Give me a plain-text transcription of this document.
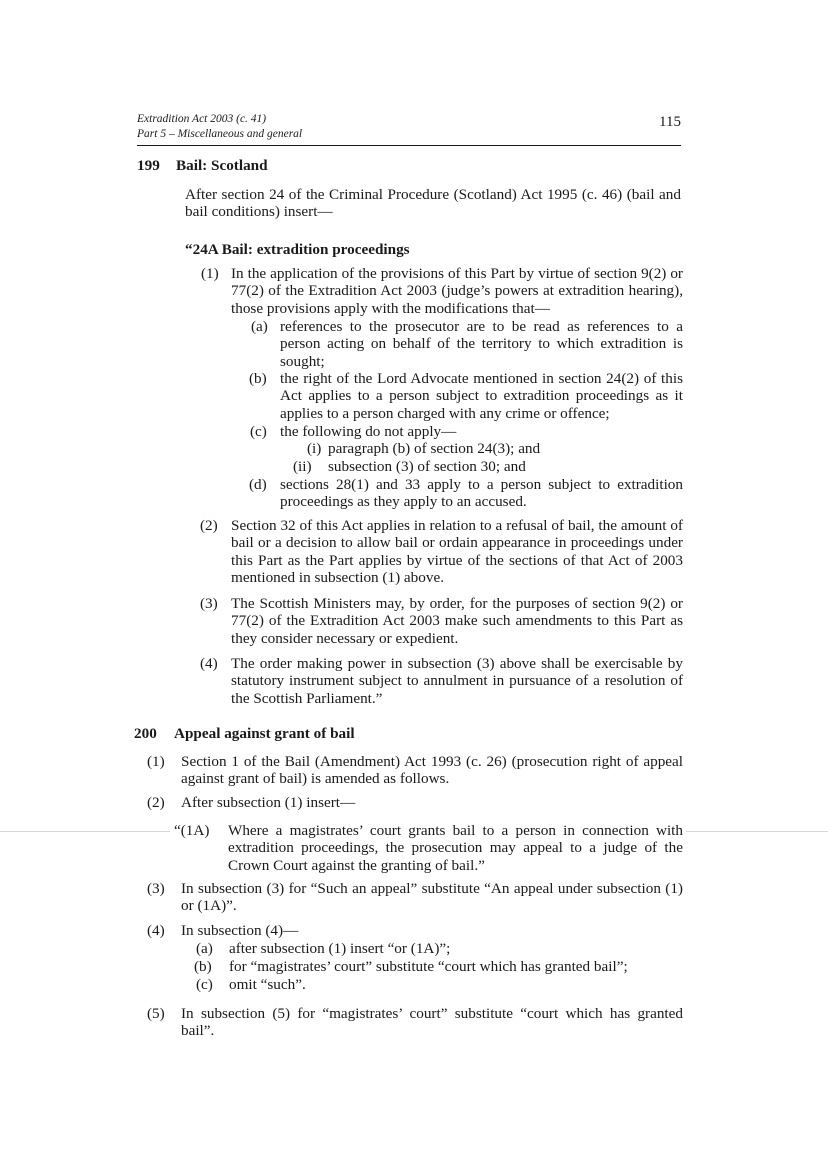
Extradition Act 2003 (c. 41)
Part 5 – Miscellaneous and general
115
199 Bail: Scotland
After section 24 of the Criminal Procedure (Scotland) Act 1995 (c. 46) (bail and bail conditions) insert—
“24A Bail: extradition proceedings
(1) In the application of the provisions of this Part by virtue of section 9(2) or 77(2) of the Extradition Act 2003 (judge’s powers at extradition hearing), those provisions apply with the modifications that—
(a) references to the prosecutor are to be read as references to a person acting on behalf of the territory to which extradition is sought;
(b) the right of the Lord Advocate mentioned in section 24(2) of this Act applies to a person subject to extradition proceedings as it applies to a person charged with any crime or offence;
(c) the following do not apply—
(i) paragraph (b) of section 24(3); and
(ii) subsection (3) of section 30; and
(d) sections 28(1) and 33 apply to a person subject to extradition proceedings as they apply to an accused.
(2) Section 32 of this Act applies in relation to a refusal of bail, the amount of bail or a decision to allow bail or ordain appearance in proceedings under this Part as the Part applies by virtue of the sections of that Act of 2003 mentioned in subsection (1) above.
(3) The Scottish Ministers may, by order, for the purposes of section 9(2) or 77(2) of the Extradition Act 2003 make such amendments to this Part as they consider necessary or expedient.
(4) The order making power in subsection (3) above shall be exercisable by statutory instrument subject to annulment in pursuance of a resolution of the Scottish Parliament.”
200 Appeal against grant of bail
(1) Section 1 of the Bail (Amendment) Act 1993 (c. 26) (prosecution right of appeal against grant of bail) is amended as follows.
(2) After subsection (1) insert—
“(1A) Where a magistrates’ court grants bail to a person in connection with extradition proceedings, the prosecution may appeal to a judge of the Crown Court against the granting of bail.”
(3) In subsection (3) for “Such an appeal” substitute “An appeal under subsection (1) or (1A)”.
(4) In subsection (4)—
(a) after subsection (1) insert “or (1A)”;
(b) for “magistrates’ court” substitute “court which has granted bail”;
(c) omit “such”.
(5) In subsection (5) for “magistrates’ court” substitute “court which has granted bail”.
